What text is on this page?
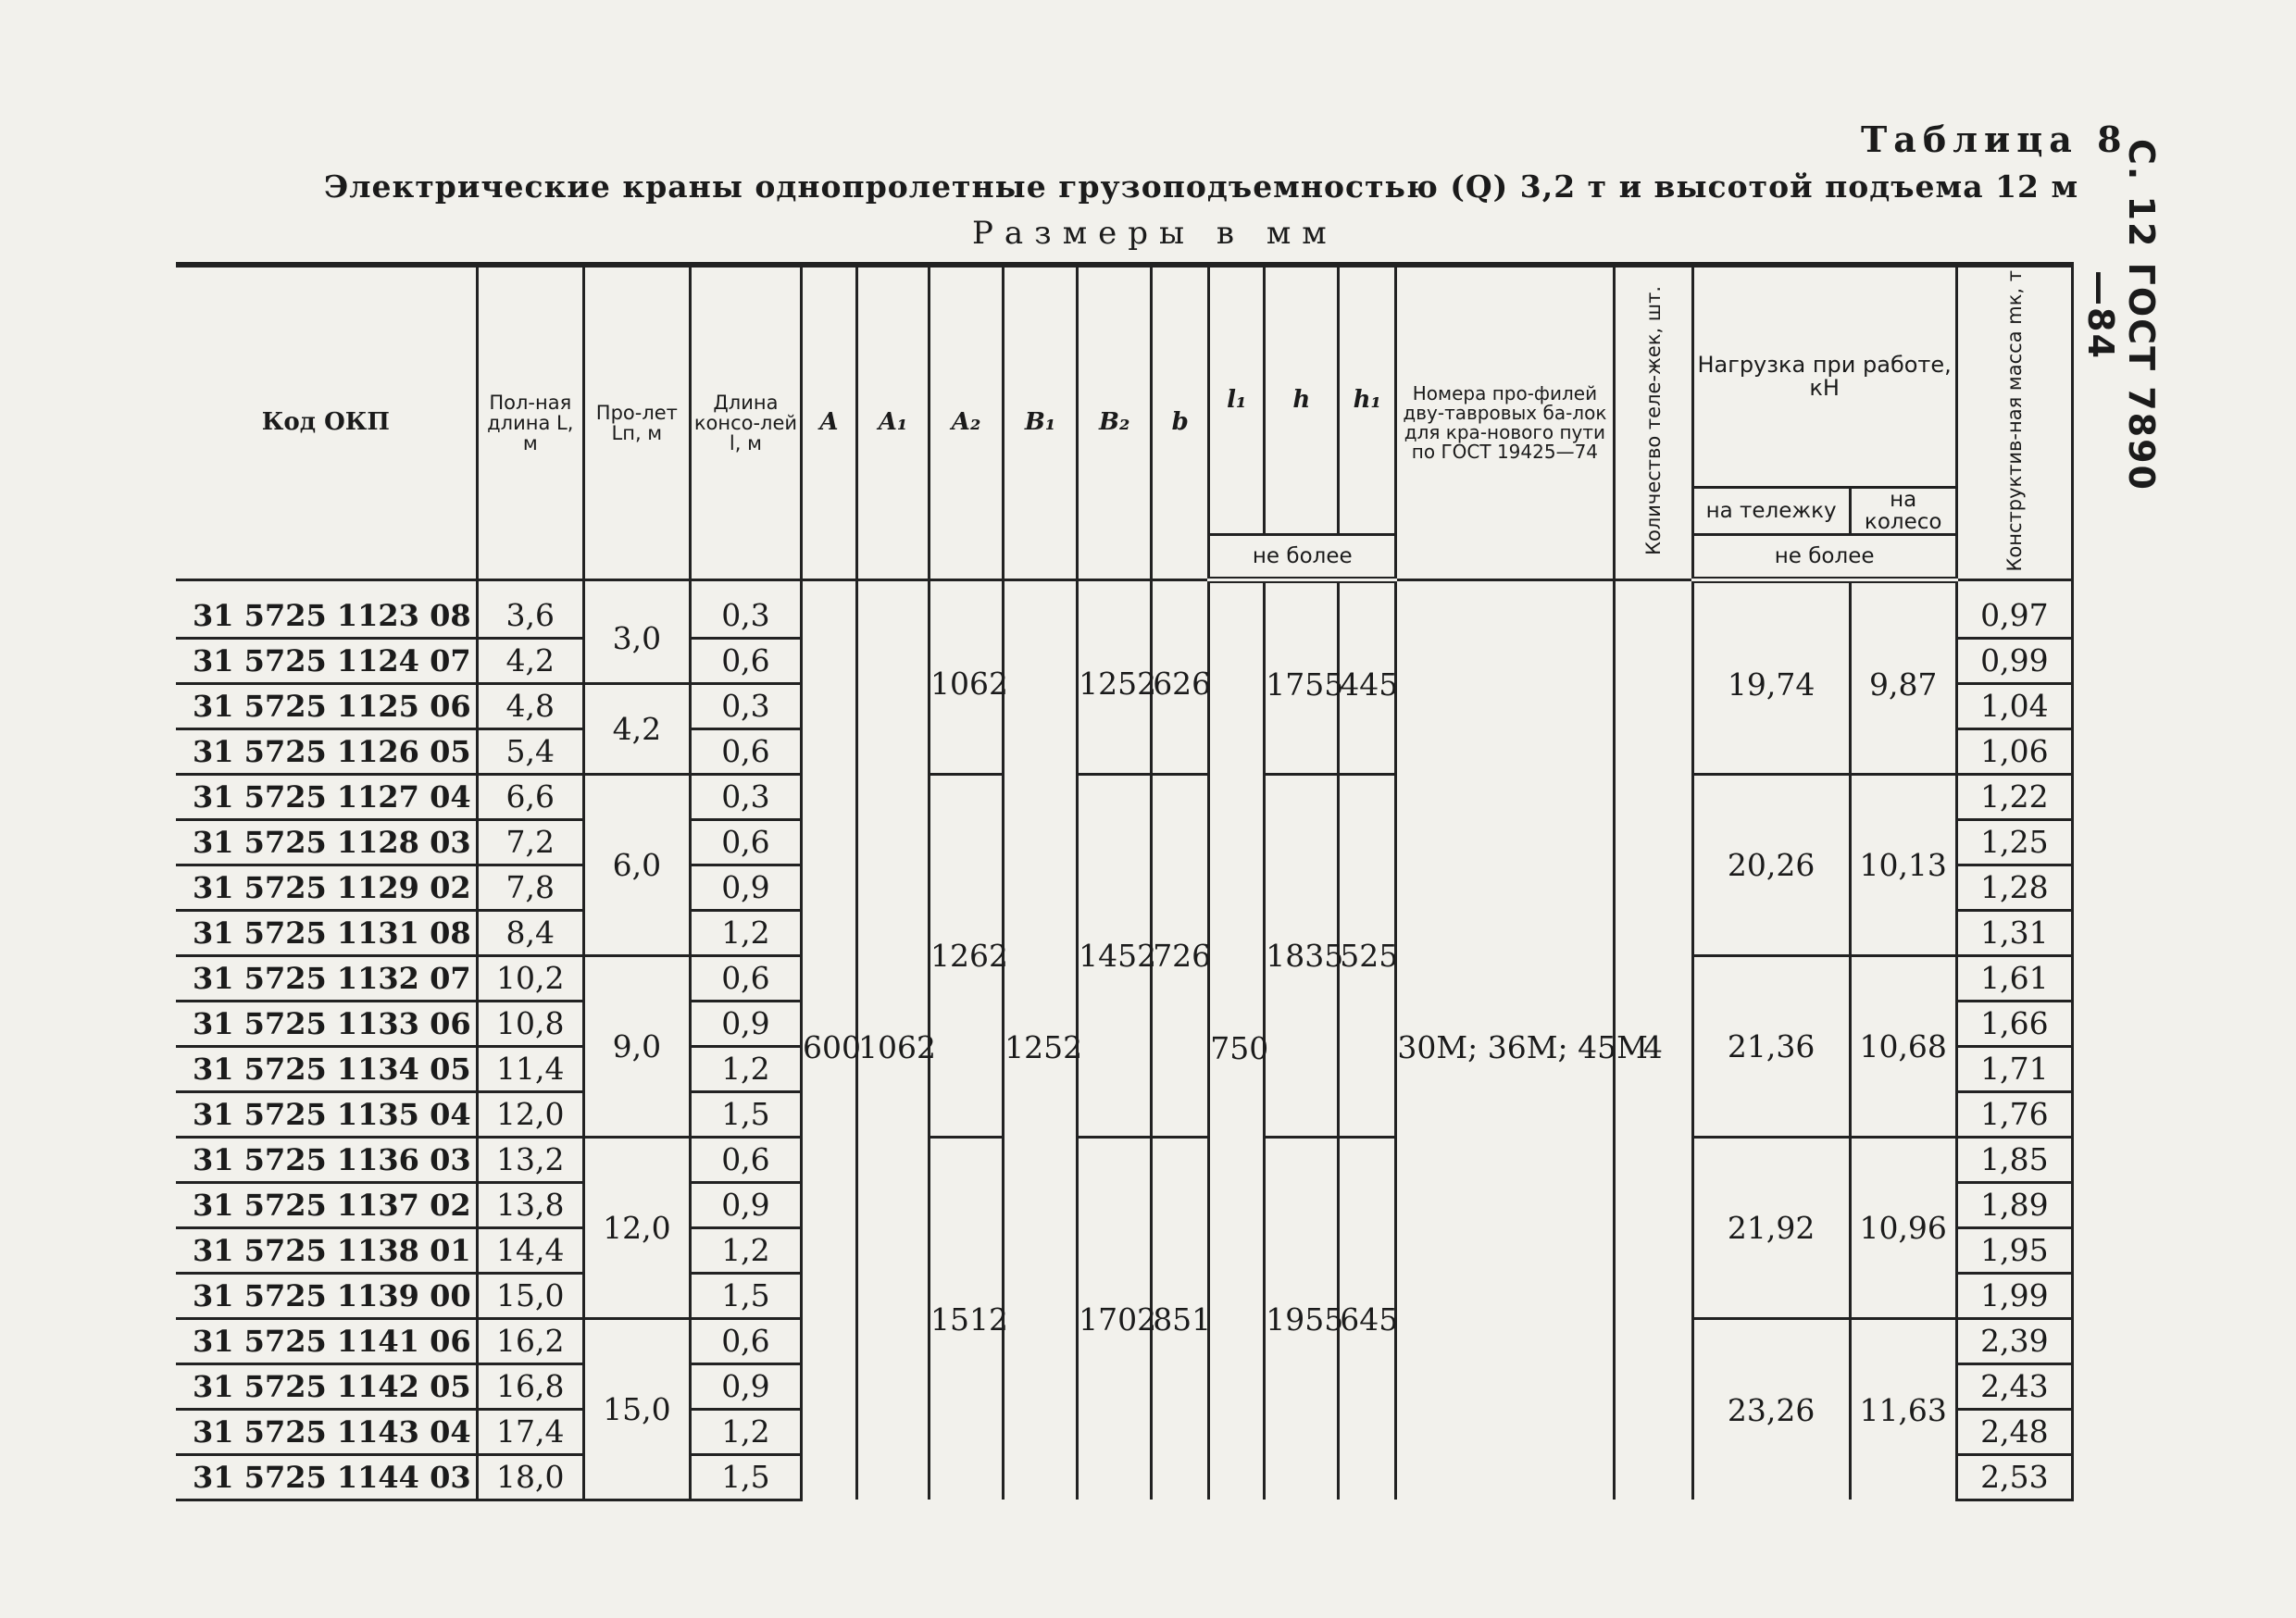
Таблица 8
Электрические краны однопролетные грузоподъемностью (Q) 3,2 т и высотой подъема 12 м
Размеры в мм	С. 12 ГОСТ 7890—84
Код ОКП	Пол-ная длина L, м	Про-лет Lп, м	Длина консо-лей l, м	A	A₁	A₂	B₁	B₂	b	l₁	h	h₁	Номера про-филей дву-тавровых ба-лок для кра-нового пути по ГОСТ 19425—74	Количество теле-жек, шт.	Нагрузка при работе, кН		Конструктив-ная масса mк, т
															на тележку	на колесо	
										не более					не более		
31 5725 1123 08	3,6	3,0	0,3	600	1062	1062	1252	1252	626	750	1755	445	30М; 36М; 45М	4	19,74	9,87	0,97
31 5725 1124 07	4,2		0,6														0,99
31 5725 1125 06	4,8	4,2	0,3														1,04
31 5725 1126 05	5,4		0,6														1,06
31 5725 1127 04	6,6	6,0	0,3			1262		1452	726		1835	525			20,26	10,13	1,22
31 5725 1128 03	7,2		0,6														1,25
31 5725 1129 02	7,8		0,9														1,28
31 5725 1131 08	8,4		1,2														1,31
31 5725 1132 07	10,2	9,0	0,6												21,36	10,68	1,61
31 5725 1133 06	10,8		0,9														1,66
31 5725 1134 05	11,4		1,2														1,71
31 5725 1135 04	12,0		1,5														1,76
31 5725 1136 03	13,2	12,0	0,6			1512		1702	851		1955	645			21,92	10,96	1,85
31 5725 1137 02	13,8		0,9														1,89
31 5725 1138 01	14,4		1,2														1,95
31 5725 1139 00	15,0		1,5														1,99
31 5725 1141 06	16,2	15,0	0,6												23,26	11,63	2,39
31 5725 1142 05	16,8		0,9														2,43
31 5725 1143 04	17,4		1,2														2,48
31 5725 1144 03	18,0		1,5														2,53
